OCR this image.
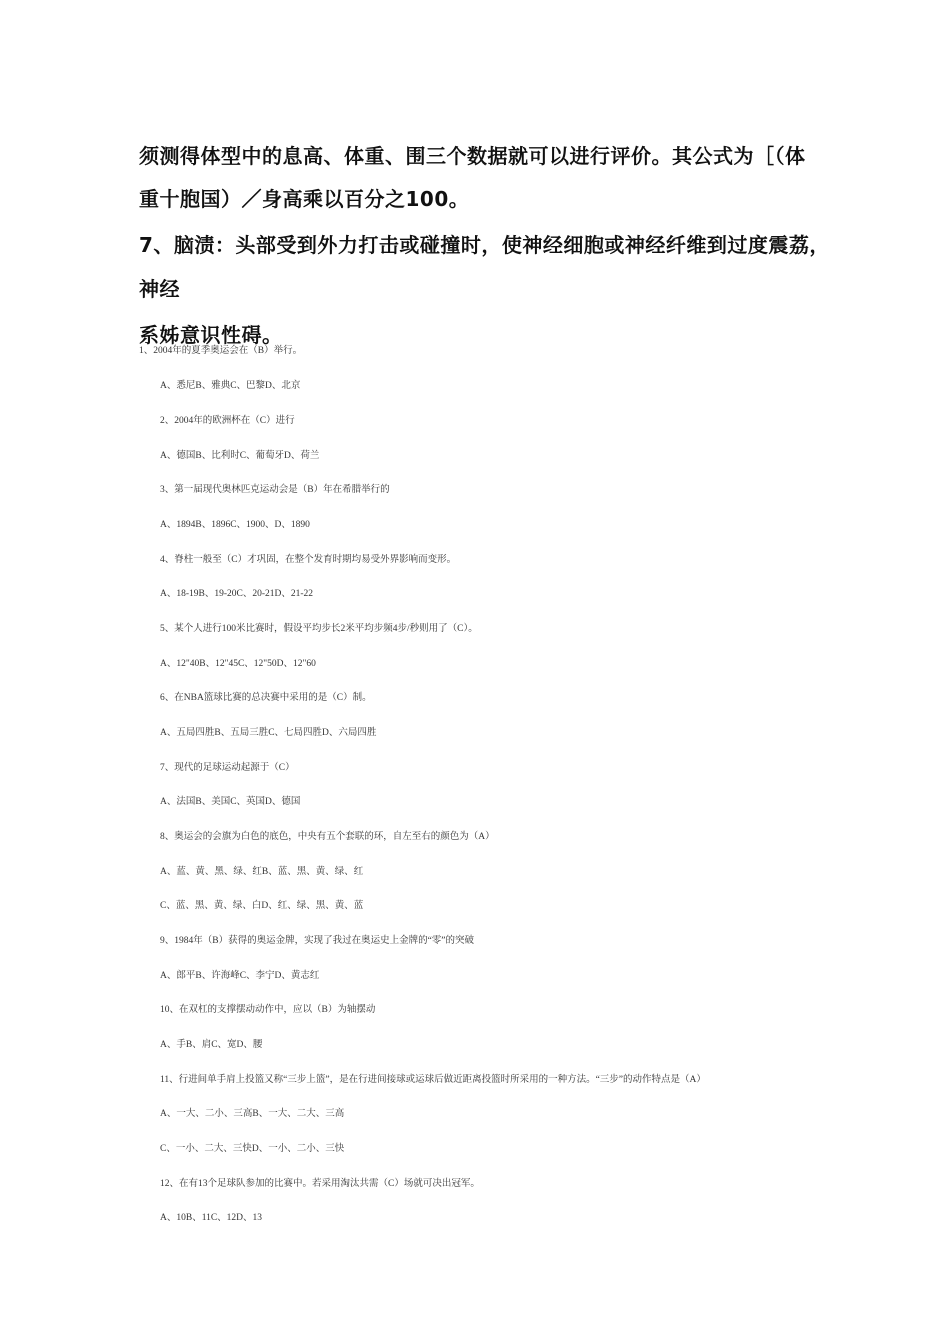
须测得体型中的息高、体重、围三个数据就可以进行评价。其公式为［（体
重十胞国）／身高乘以百分之100。
7、脑渍：头部受到外力打击或碰撞时，使神经细胞或神经纤维到过度震荔，
神经
系姊意识性碍。
1、2004年的夏季奥运会在（B）举行。
A、悉尼B、雅典C、巴黎D、北京
2、2004年的欧洲杯在（C）进行
A、德国B、比利时C、葡萄牙D、荷兰
3、第一届现代奥林匹克运动会是（B）年在希腊举行的
A、1894B、1896C、1900、D、1890
4、脊柱一般至（C）才巩固，在整个发育时期均易受外界影响而变形。
A、18-19B、19-20C、20-21D、21-22
5、某个人进行100米比赛时，假设平均步长2米平均步频4步/秒则用了（C）。
A、12"40B、12"45C、12"50D、12"60
6、在NBA篮球比赛的总决赛中采用的是（C）制。
A、五局四胜B、五局三胜C、七局四胜D、六局四胜
7、现代的足球运动起源于（C）
A、法国B、美国C、英国D、德国
8、奥运会的会旗为白色的底色，中央有五个套联的环，自左至右的颜色为（A）
A、蓝、黄、黑、绿、红B、蓝、黑、黄、绿、红
C、蓝、黑、黄、绿、白D、红、绿、黑、黄、蓝
9、1984年（B）获得的奥运金牌，实现了我过在奥运史上金牌的“零”的突破
A、郎平B、许海峰C、李宁D、黄志红
10、在双杠的支撑摆动动作中，应以（B）为轴摆动
A、手B、肩C、宽D、腰
11、行进间单手肩上投篮又称“三步上篮”，是在行进间接球或运球后做近距离投篮时所采用的一种方法。“三步”的动作特点是（A）
A、一大、二小、三高B、一大、二大、三高
C、一小、二大、三快D、一小、二小、三快
12、在有13个足球队参加的比赛中。若采用淘汰共需（C）场就可决出冠军。
A、10B、11C、12D、13
